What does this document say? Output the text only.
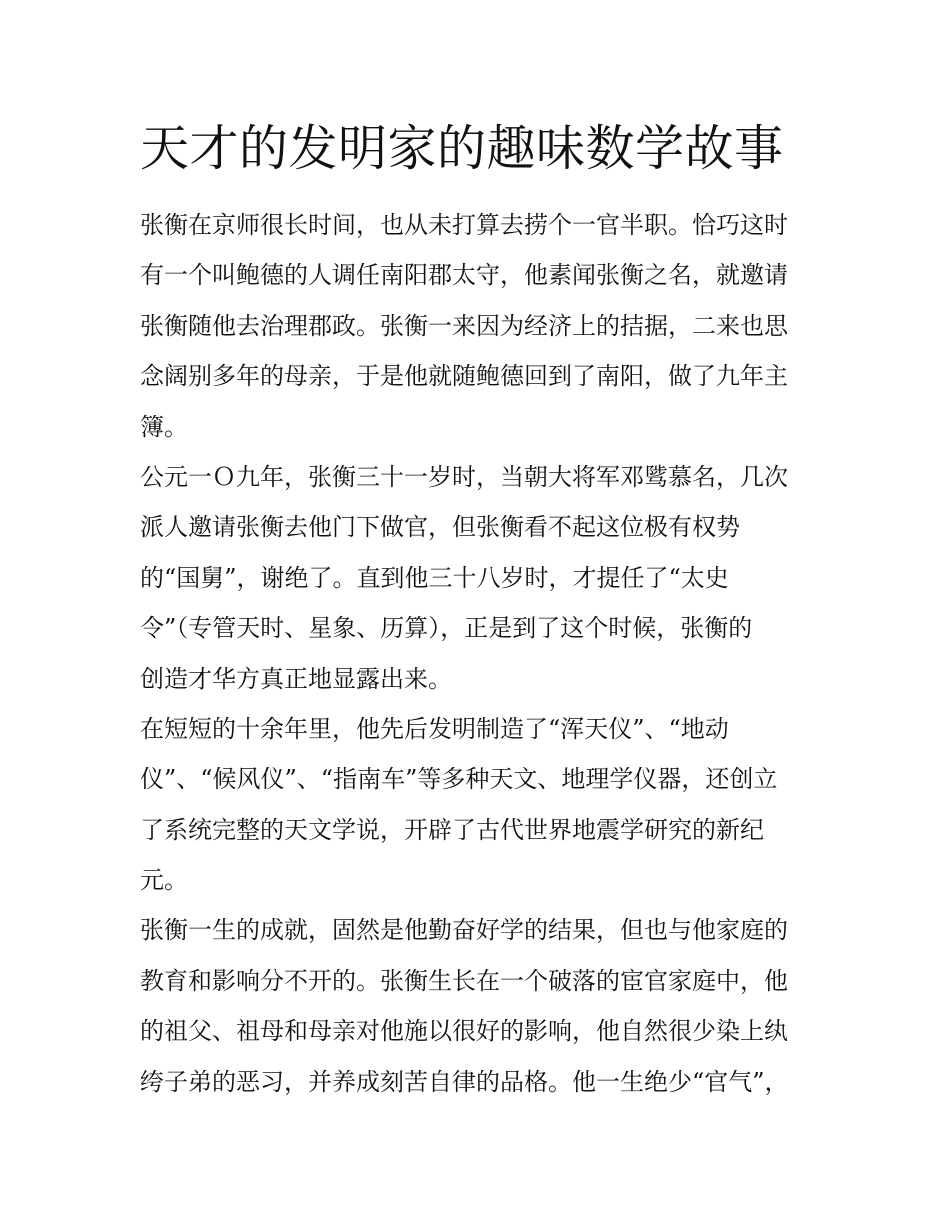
天才的发明家的趣味数学故事
张衡在京师很长时间，也从未打算去捞个一官半职。恰巧这时
有一个叫鲍德的人调任南阳郡太守，他素闻张衡之名，就邀请
张衡随他去治理郡政。张衡一来因为经济上的拮据，二来也思
念阔别多年的母亲，于是他就随鲍德回到了南阳，做了九年主
簿。
公元一Ｏ九年，张衡三十一岁时，当朝大将军邓骘慕名，几次
派人邀请张衡去他门下做官，但张衡看不起这位极有权势
的“国舅”，谢绝了。直到他三十八岁时，才提任了“太史
令”（专管天时、星象、历算），正是到了这个时候，张衡的
创造才华方真正地显露出来。
在短短的十余年里，他先后发明制造了“浑天仪”、“地动
仪”、“候风仪”、“指南车”等多种天文、地理学仪器，还创立
了系统完整的天文学说，开辟了古代世界地震学研究的新纪
元。
张衡一生的成就，固然是他勤奋好学的结果，但也与他家庭的
教育和影响分不开的。张衡生长在一个破落的宦官家庭中，他
的祖父、祖母和母亲对他施以很好的影响，他自然很少染上纨
绔子弟的恶习，并养成刻苦自律的品格。他一生绝少“官气”，
